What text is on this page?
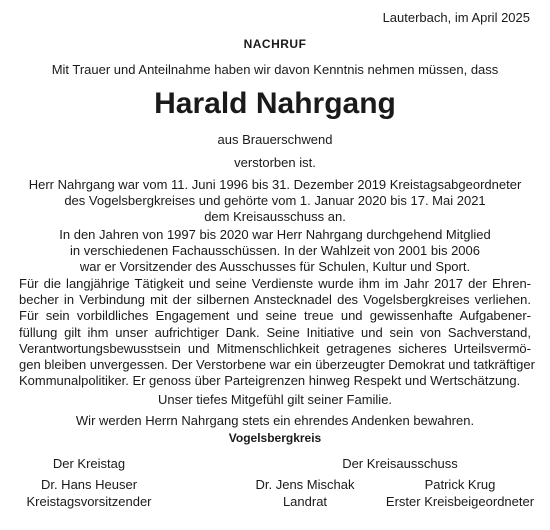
Lauterbach, im April 2025
NACHRUF
Mit Trauer und Anteilnahme haben wir davon Kenntnis nehmen müssen, dass
Harald Nahrgang
aus Brauerschwend
verstorben ist.
Herr Nahrgang war vom 11. Juni 1996 bis 31. Dezember 2019 Kreistagsabgeordneter
des Vogelsbergkreises und gehörte vom 1. Januar 2020 bis 17. Mai 2021
dem Kreisausschuss an.
In den Jahren von 1997 bis 2020 war Herr Nahrgang durchgehend Mitglied
in verschiedenen Fachausschüssen. In der Wahlzeit von 2001 bis 2006
war er Vorsitzender des Ausschusses für Schulen, Kultur und Sport.
Für die langjährige Tätigkeit und seine Verdienste wurde ihm im Jahr 2017 der Ehren-
becher in Verbindung mit der silbernen Anstecknadel des Vogelsbergkreises verliehen.
Für sein vorbildliches Engagement und seine treue und gewissenhafte Aufgabener-
füllung gilt ihm unser aufrichtiger Dank. Seine Initiative und sein von Sachverstand,
Verantwortungsbewusstsein und Mitmenschlichkeit getragenes sicheres Urteilsvermö-
gen bleiben unvergessen. Der Verstorbene war ein überzeugter Demokrat und tatkräftiger
Kommunalpolitiker. Er genoss über Parteigrenzen hinweg Respekt und Wertschätzung.
Unser tiefes Mitgefühl gilt seiner Familie.
Wir werden Herrn Nahrgang stets ein ehrendes Andenken bewahren.
Vogelsbergkreis
Der Kreistag
Dr. Hans Heuser
Kreistagsvorsitzender
Der Kreisausschuss
Dr. Jens Mischak
Landrat
Patrick Krug
Erster Kreisbeigeordneter
